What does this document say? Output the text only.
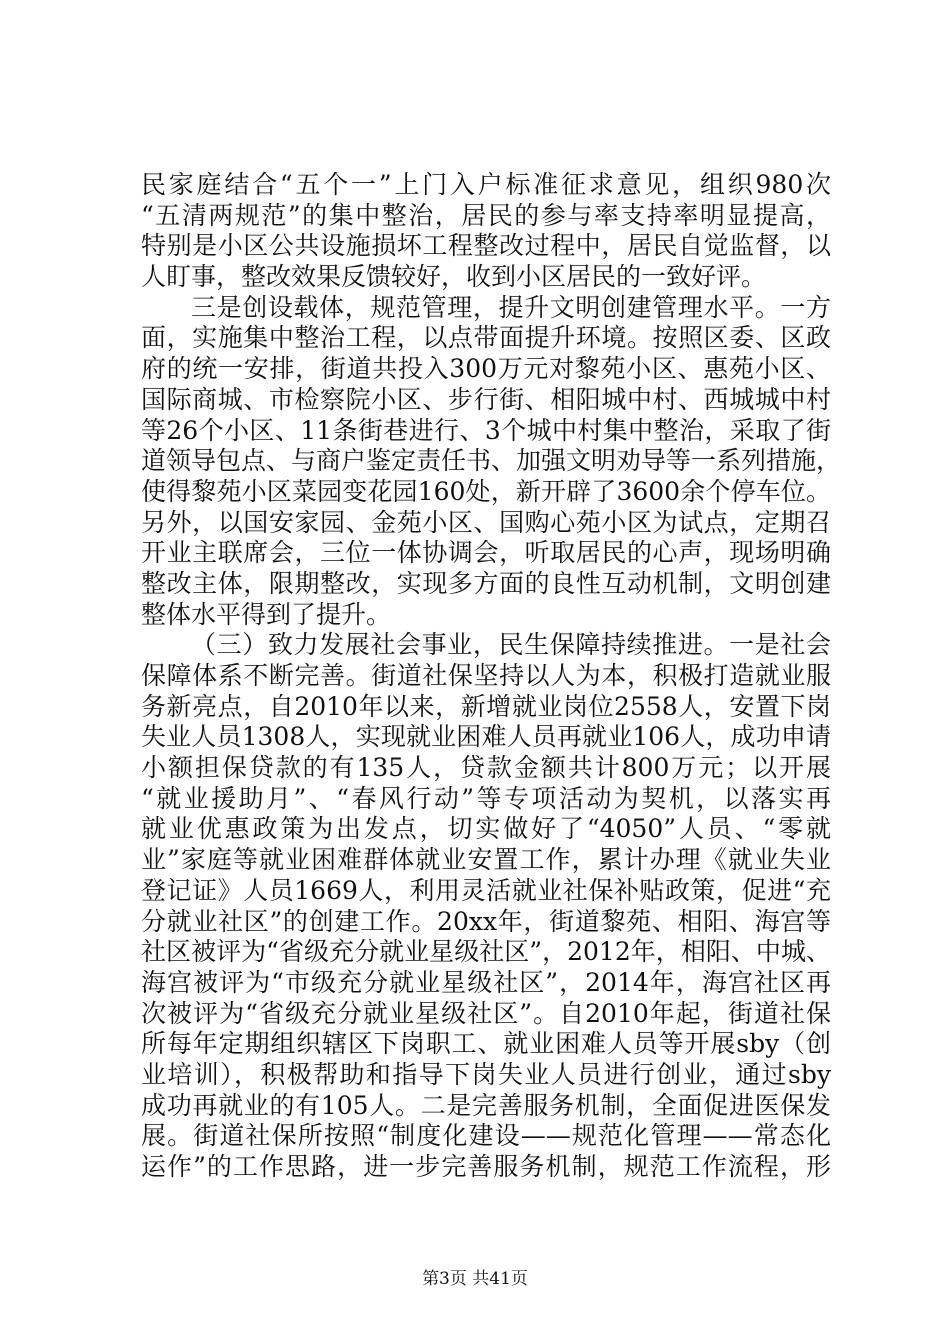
民家庭结合“五个一”上门入户标准征求意见，组织980次
“五清两规范”的集中整治，居民的参与率支持率明显提高，
特别是小区公共设施损坏工程整改过程中，居民自觉监督，以
人盯事，整改效果反馈较好，收到小区居民的一致好评。
三是创设载体，规范管理，提升文明创建管理水平。一方
面，实施集中整治工程，以点带面提升环境。按照区委、区政
府的统一安排，街道共投入300万元对黎苑小区、惠苑小区、
国际商城、市检察院小区、步行街、相阳城中村、西城城中村
等26个小区、11条街巷进行、3个城中村集中整治，采取了街
道领导包点、与商户鉴定责任书、加强文明劝导等一系列措施，
使得黎苑小区菜园变花园160处，新开辟了3600余个停车位。
另外，以国安家园、金苑小区、国购心苑小区为试点，定期召
开业主联席会，三位一体协调会，听取居民的心声，现场明确
整改主体，限期整改，实现多方面的良性互动机制，文明创建
整体水平得到了提升。
（三）致力发展社会事业，民生保障持续推进。一是社会
保障体系不断完善。街道社保坚持以人为本，积极打造就业服
务新亮点，自2010年以来，新增就业岗位2558人，安置下岗
失业人员1308人，实现就业困难人员再就业106人，成功申请
小额担保贷款的有135人，贷款金额共计800万元；以开展
“就业援助月”、“春风行动”等专项活动为契机，以落实再
就业优惠政策为出发点，切实做好了“4050”人员、“零就
业”家庭等就业困难群体就业安置工作，累计办理《就业失业
登记证》人员1669人，利用灵活就业社保补贴政策，促进“充
分就业社区”的创建工作。20xx年，街道黎苑、相阳、海宫等
社区被评为“省级充分就业星级社区”，2012年，相阳、中城、
海宫被评为“市级充分就业星级社区”，2014年，海宫社区再
次被评为“省级充分就业星级社区”。自2010年起，街道社保
所每年定期组织辖区下岗职工、就业困难人员等开展sby（创
业培训），积极帮助和指导下岗失业人员进行创业，通过sby
成功再就业的有105人。二是完善服务机制，全面促进医保发
展。街道社保所按照“制度化建设——规范化管理——常态化
运作”的工作思路，进一步完善服务机制，规范工作流程，形
第3页 共41页
